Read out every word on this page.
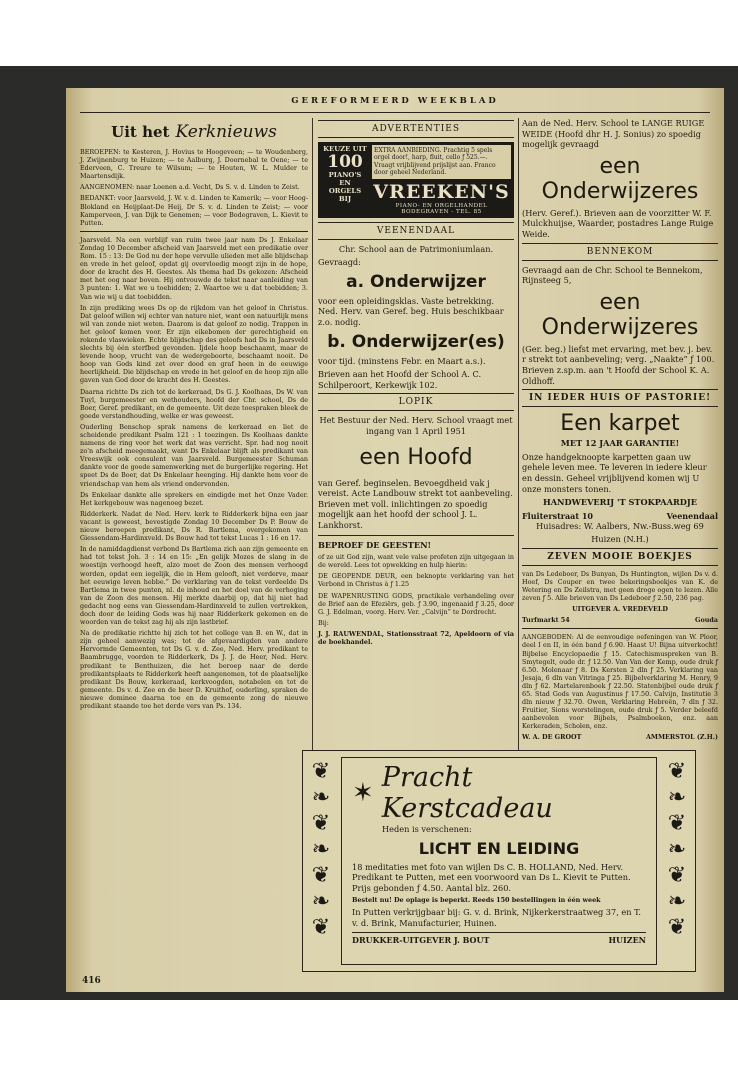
GEREFORMEERD WEEKBLAD
Uit het Kerknieuws

BEROEPEN: te Kesteren, J. Hovius te Hoogeveen; — te Woudenberg, J. Zwijnenburg te Huizen; — te Aalburg, J. Doornebal te Oene; — te Ederveen, C. Treure te Wilsum; — te Houten, W. L. Mulder te Maartensdijk.

AANGENOMEN: naar Loenen a.d. Vecht, Ds S. v. d. Linden te Zeist.

BEDANKT: voor Jaarsveld, J. W. v. d. Linden te Kamerik; — voor Hoog-Blokland en Heijplaat-De Heij, Dr S. v. d. Linden te Zeist; — voor Kamperveen, J. van Dijk te Genemen; — voor Bodegraven, L. Kievit te Putten.

Jaarsveld. Na een verblijf van ruim twee jaar nam Ds J. Enkelaar Zondag 10 December afscheid van Jaarsveld met een predikatie over Rom. 15 : 13: De God nu der hope vervulle ulieden met alle blijdschap en vrede in het geloof, opdat gij overvloedig moogt zijn in de hope, door de kracht des H. Geestes. Als thema had Ds gekozen: Afscheid met het oog naar boven. Hij ontvouwde de tekst naar aanleiding van 3 punten: 1. Wat we u toebidden; 2. Waartoe we u dat toebidden; 3. Van wie wij u dat toebidden.

In zijn prediking wees Ds op de rijkdom van het geloof in Christus. Dat geloof willen wij echter van nature niet, want een natuurlijk mens wil van zonde niet weten. Daarom is dat geloof zo nodig. Trappen in het geloof komen voor. Er zijn eikebomen der gerechtigheid en rokende vlaswieken. Echte blijdschap des geloofs had Ds in Jaarsveld slechts bij één sterfbed gevonden. Ijdele hoop beschaamt, maar de levende hoop, vrucht van de wedergeboorte, beschaamt nooit. De hoop van Gods kind zet over dood en graf heen in de eeuwige heerlijkheid. Die blijdschap en vrede in het geloof en de hoop zijn alle gaven van God door de kracht des H. Geestes.

Daarna richtte Ds zich tot de kerkeraad, Ds G. J. Koolhaas, Ds W. van Tuyl, burgemeester en wethouders, hoofd der Chr. school, Ds de Boer, Geref. predikant, en de gemeente. Uit deze toespraken bleek de goede verstandhouding, welke er was geweest.

Ouderling Benschop sprak namens de kerkeraad en liet de scheidende predikant Psalm 121 : 1 toezingen. Ds Koolhaas dankte namens de ring voor het werk dat was verricht. Spr. had nog nooit zo'n afscheid meegemaakt, want Ds Enkelaar blijft als predikant van Vreeswijk ook consulent van Jaarsveld. Burgemeester Schuman dankte voor de goede samenwerking met de burgerlijke regering. Het speet Ds de Boer, dat Ds Enkelaar heenging. Hij dankte hem voor de vriendschap van hem als vriend ondervonden.

Ds Enkelaar dankte alle sprekers en eindigde met het Onze Vader. Het kerkgebouw was nagenoeg bezet.

Ridderkerk. Nadat de Ned. Herv. kerk te Ridderkerk bijna een jaar vacant is geweest, bevestigde Zondag 10 December Ds P. Bouw de nieuw beroepen predikant, Ds R. Bartlema, overgekomen van Giessendam-Hardinxveld. Ds Bouw had tot tekst Lucas 1 : 16 en 17.

In de namiddagdienst verbond Ds Bartlema zich aan zijn gemeente en had tot tekst Joh. 3 : 14 en 15: „En gelijk Mozes de slang in de woestijn verhoogd heeft, alzo moet de Zoon des mensen verhoogd worden, opdat een iegelijk, die in Hem gelooft, niet verderve, maar het eeuwige leven hebbe.” De verklaring van de tekst verdeelde Ds Bartlema in twee punten, nl. de inhoud en het doel van de verhoging van de Zoon des mensen. Hij merkte daarbij op, dat hij niet had gedacht nog eens van Giessendam-Hardinxveld te zullen vertrekken, doch door de leiding Gods was hij naar Ridderkerk gekomen en de woorden van de tekst zag hij als zijn lastbrief.

Na de predikatie richtte hij zich tot het college van B. en W., dat in zijn geheel aanwezig was; tot de afgevaardigden van andere Hervormde Gemeenten, tot Ds G. v. d. Zee, Ned. Herv. predikant te Baambrugge, voorden te Ridderkerk, Ds J. J. de Heer, Ned. Herv. predikant te Benthuizen, die het beroep naar de derde predikantsplaats te Ridderkerk heeft aangenomen, tot de plaatselijke predikant Ds Bouw, kerkeraad, kerkvoogden, notabelen en tot de gemeente. Ds v. d. Zee en de heer D. Kruithof, ouderling, spraken de nieuwe dominee daarna toe en de gemeente zong de nieuwe predikant staande toe het derde vers van Ps. 134.

ADVERTENTIES
KEUZE UIT
100
PIANO'S
EN
ORGELS
BIJ
EXTRA AANBIEDING. Prachtig 5 spels orgel door!, harp, fluit, cello ƒ 525.—. Vraagt vrijblijvend prijslijst aan. Franco door geheel Nederland.
VREEKEN'S
PIANO- EN ORGELHANDEL
BODEGRAVEN - TEL. 85
VEENENDAAL

Chr. School aan de Patrimoniumlaan.

Gevraagd:

a. Onderwijzer

voor een opleidingsklas. Vaste betrekking. Ned. Herv. van Geref. beg. Huis beschikbaar z.o. nodig.

b. Onderwijzer(es)

voor tijd. (minstens Febr. en Maart a.s.).

Brieven aan het Hoofd der School A. C. Schilperoort, Kerkewijk 102.

LOPIK

Het Bestuur der Ned. Herv. School vraagt met ingang van 1 April 1951

een Hoofd

van Geref. beginselen. Bevoegdheid vak j vereist. Acte Landbouw strekt tot aanbeveling. Brieven met voll. inlichtingen zo spoedig mogelijk aan het hoofd der school J. L. Lankhorst.

BEPROEF DE GEESTEN!

of ze uit God zijn, want vele valse profeten zijn uitgegaan in de wereld. Lees tot opwekking en hulp hierin:

DE GEOPENDE DEUR, een beknopte verklaring van het Verbond in Christus à ƒ 1.25

DE WAPENRUSTING GODS, practikale verhandeling over de Brief aan de Efeziërs, geb. ƒ 3.90, ingenaaid ƒ 3.25, door G. J. Edelman, voorg. Herv. Ver. „Calvijn” te Dordrecht.

Bij:

J. J. RAUWENDAL, Stationsstraat 72, Apeldoorn of via de boekhandel.

Aan de Ned. Herv. School te LANGE RUIGE WEIDE (Hoofd dhr H. J. Sonius) zo spoedig mogelijk gevraagd

een Onderwijzeres

(Herv. Geref.). Brieven aan de voorzitter W. F. Mulckhuijse, Waarder, postadres Lange Ruige Weide.

BENNEKOM

Gevraagd aan de Chr. School te Bennekom, Rijnsteeg 5,

een Onderwijzeres

(Ger. beg.) liefst met ervaring, met bev. j. bev. r strekt tot aanbeveling; verg. „Naakte” ƒ 100. Brieven z.sp.m. aan 't Hoofd der School K. A. Oldhoff.

IN IEDER HUIS OF PASTORIE!
Een karpet

MET 12 JAAR GARANTIE!

Onze handgeknoopte karpetten gaan uw gehele leven mee. Te leveren in iedere kleur en dessin. Geheel vrijblijvend komen wij U onze monsters tonen.

HANDWEVERIJ 'T STOKPAARDJE

Fluiterstraat 10	Veenendaal

Huisadres: W. Aalbers, Nw.-Buss.weg 69

Huizen (N.H.)

ZEVEN MOOIE BOEKJES

van Ds Ledeboer, Ds Bunyan, Ds Huntington, wijlen Ds v. d. Hoef, Ds Couper en twee bekeringsboekjes van K. de Wetering en Ds Zeilstra, met geen droge ogen te lezen. Alle zeven ƒ 5. Alle brieven van Ds Ledeboer ƒ 2.50, 236 pag.

UITGEVER A. VREDEVELD

Turfmarkt 54	Gouda

AANGEBODEN: Al de eenvoudige oefeningen van W. Ploor, deel I en II, in één band ƒ 6.90. Haast U! Bijna uitverkocht! Bijbelse Encyclopaedie ƒ 15. Catechismuspreken van B. Smytegelt, oude dr. ƒ 12.50. Van Van der Kemp, oude druk ƒ 6.50. Molenaar ƒ 8. Ds Kersten 2 dln ƒ 25. Verklaring van Jesaja, 6 dln van Vitringa ƒ 25. Bijbelverklaring M. Henry, 9 dln ƒ 62. Martelarenboek ƒ 22.50. Statenbijbel oude druk ƒ 65. Stad Gods van Augustinus ƒ 17.50. Calvijn, Institutie 3 dln nieuw ƒ 32.70. Owen, Verklaring Hebreën, 7 dln ƒ 32. Fruitier, Sions worstelingen, oude druk ƒ 5. Verder beleefd aanbevolen voor Bijbels, Psalmboeken, enz. aan Kerkeraden, Scholen, enz.

W. A. DE GROOT	AMMERSTOL (Z.H.)
❦
❧
❦
❧
❦
❧
❦
❦
❧
❦
❧
❦
❧
❦
✶ Pracht Kerstcadeau

Heden is verschenen:

LICHT EN LEIDING

18 meditaties met foto van wijlen Ds C. B. HOLLAND, Ned. Herv. Predikant te Putten, met een voorwoord van Ds L. Kievit te Putten. Prijs gebonden ƒ 4.50. Aantal blz. 260.

Bestelt nu! De oplage is beperkt. Reeds 150 bestellingen in één week

In Putten verkrijgbaar bij: G. v. d. Brink, Nijkerkerstraatweg 37, en T. v. d. Brink, Manufacturier, Huinen.

DRUKKER-UITGEVER J. BOUT	HUIZEN
416
